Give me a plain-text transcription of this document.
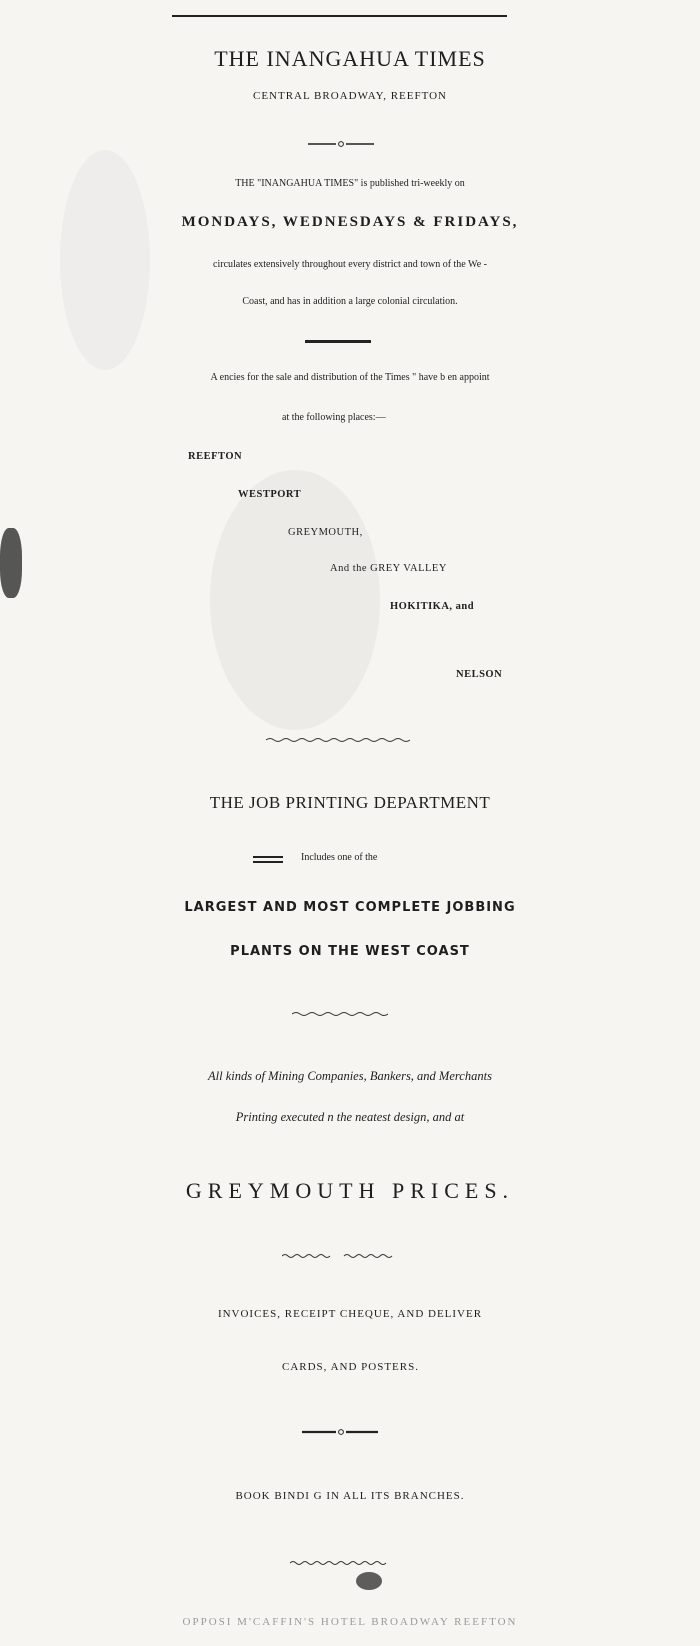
THE INANGAHUA TIMES
CENTRAL BROADWAY, REEFTON
THE "INANGAHUA TIMES" is published tri-weekly on
MONDAYS, WEDNESDAYS & FRIDAYS,
circulates extensively throughout every district and town of the We -
Coast, and has in addition a large colonial circulation.
A encies for the sale and distribution of the Times " have b en appoint
at the following places:—
REEFTON
WESTPORT
GREYMOUTH,
And the GREY VALLEY
HOKITIKA, and
NELSON
THE JOB PRINTING DEPARTMENT
Includes one of the
LARGEST AND MOST COMPLETE JOBBING
PLANTS ON THE WEST COAST
All kinds of Mining Companies, Bankers, and Merchants
Printing executed n the neatest design, and at
GREYMOUTH PRICES.
INVOICES, RECEIPT CHEQUE, AND DELIVER
CARDS, AND POSTERS.
BOOK BINDI G IN ALL ITS BRANCHES.
OPPOSI M'CAFFIN'S HOTEL BROADWAY REEFTON
